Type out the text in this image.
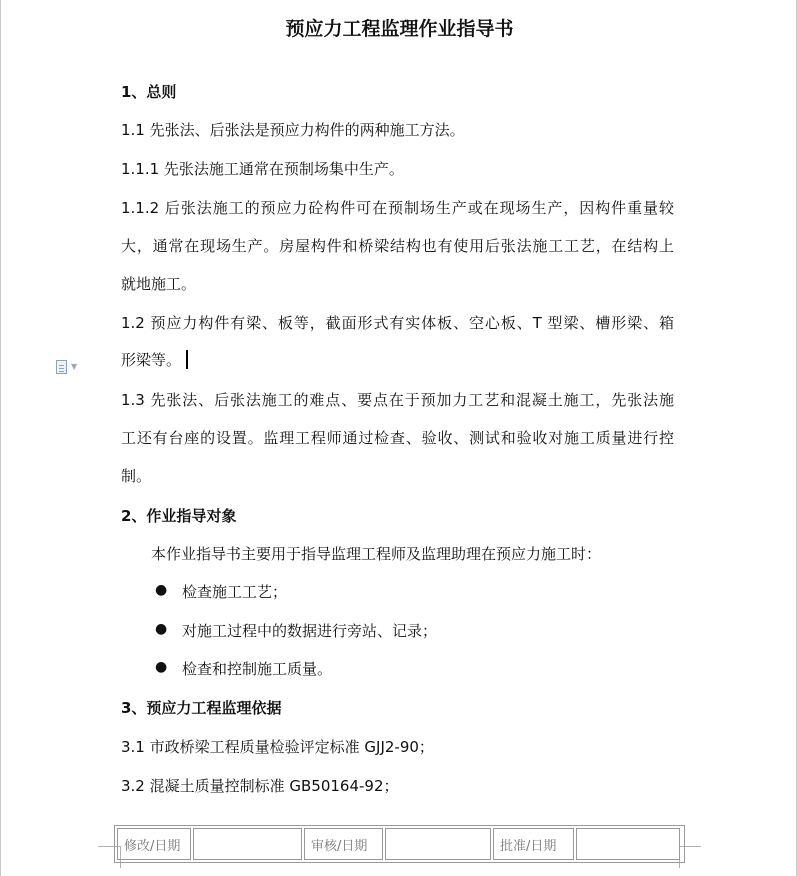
预应力工程监理作业指导书
1、总则
1.1 先张法、后张法是预应力构件的两种施工方法。
1.1.1 先张法施工通常在预制场集中生产。
1.1.2 后张法施工的预应力砼构件可在预制场生产或在现场生产，因构件重量较
大，通常在现场生产。房屋构件和桥梁结构也有使用后张法施工工艺，在结构上
就地施工。
1.2 预应力构件有梁、板等，截面形式有实体板、空心板、T 型梁、槽形梁、箱
形梁等。
▼
1.3 先张法、后张法施工的难点、要点在于预加力工艺和混凝土施工，先张法施
工还有台座的设置。监理工程师通过检查、验收、测试和验收对施工质量进行控
制。
2、作业指导对象
本作业指导书主要用于指导监理工程师及监理助理在预应力施工时：
● 检查施工工艺；
● 对施工过程中的数据进行旁站、记录；
● 检查和控制施工质量。
3、预应力工程监理依据
3.1 市政桥梁工程质量检验评定标准 GJJ2-90；
3.2 混凝土质量控制标准 GB50164-92；
修改/日期	审核/日期	批准/日期
